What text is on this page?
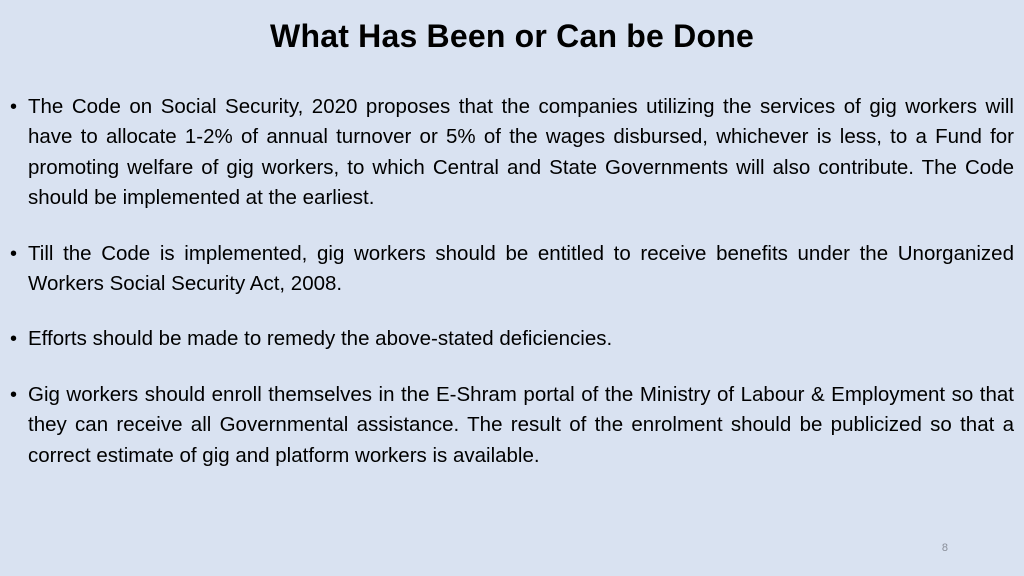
What Has Been or Can be Done
• The Code on Social Security, 2020 proposes that the companies utilizing the services of gig workers will have to allocate 1-2% of annual turnover or 5% of the wages disbursed, whichever is less, to a Fund for promoting welfare of gig workers, to which Central and State Governments will also contribute. The Code should be implemented at the earliest.
• Till the Code is implemented, gig workers should be entitled to receive benefits under the Unorganized Workers Social Security Act, 2008.
• Efforts should be made to remedy the above-stated deficiencies.
• Gig workers should enroll themselves in the E-Shram portal of the Ministry of Labour & Employment so that they can receive all Governmental assistance. The result of the enrolment should be publicized so that a correct estimate of gig and platform workers is available.
8
